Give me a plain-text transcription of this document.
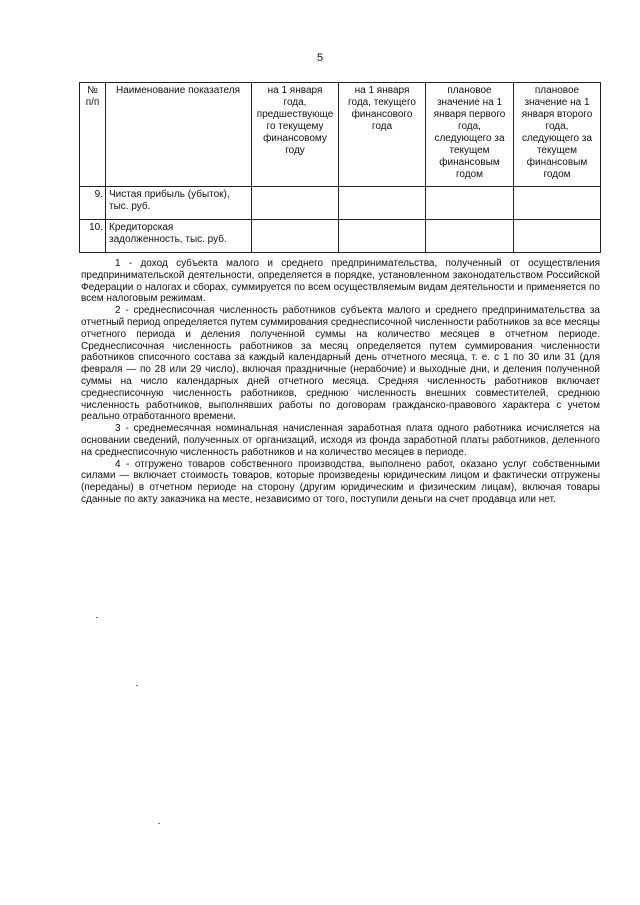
5
№ п/п	Наименование показателя	на 1 января года, предшествующе го текущему финансовому году	на 1 января года, текущего финансового года	плановое значение на 1 января первого года, следующего за текущем финансовым годом	плановое значение на 1 января второго года, следующего за текущем финансовым годом
9.	Чистая прибыль (убыток), тыс. руб.				
10.	Кредиторская задолженность, тыс. руб.				

1 - доход субъекта малого и среднего предпринимательства, полученный от осуществления предпринимательской деятельности, определяется в порядке, установленном законодательством Российской Федерации о налогах и сборах, суммируется по всем осуществляемым видам деятельности и применяется по всем налоговым режимам.

2 - среднесписочная численность работников субъекта малого и среднего предпринимательства за отчетный период определяется путем суммирования среднесписочной численности работников за все месяцы отчетного периода и деления полученной суммы на количество месяцев в отчетном периоде. Среднесписочная численность работников за месяц определяется путем суммирования численности работников списочного состава за каждый календарный день отчетного месяца, т. е. с 1 по 30 или 31 (для февраля — по 28 или 29 число), включая праздничные (нерабочие) и выходные дни, и деления полученной суммы на число календарных дней отчетного месяца. Средняя численность работников включает среднесписочную численность работников, среднюю численность внешних совместителей, среднюю численность работников, выполнявших работы по договорам гражданско-правового характера с учетом реально отработанного времени.

3 - среднемесячная номинальная начисленная заработная плата одного работника исчисляется на основании сведений, полученных от организаций, исходя из фонда заработной платы работников, деленного на среднесписочную численность работников и на количество месяцев в периоде.

4 - отгружено товаров собственного производства, выполнено работ, оказано услуг собственными силами — включает стоимость товаров, которые произведены юридическим лицом и фактически отгружены (переданы) в отчетном периоде на сторону (другим юридическим и физическим лицам), включая товары сданные по акту заказчика на месте, независимо от того, поступили деньги на счет продавца или нет.
